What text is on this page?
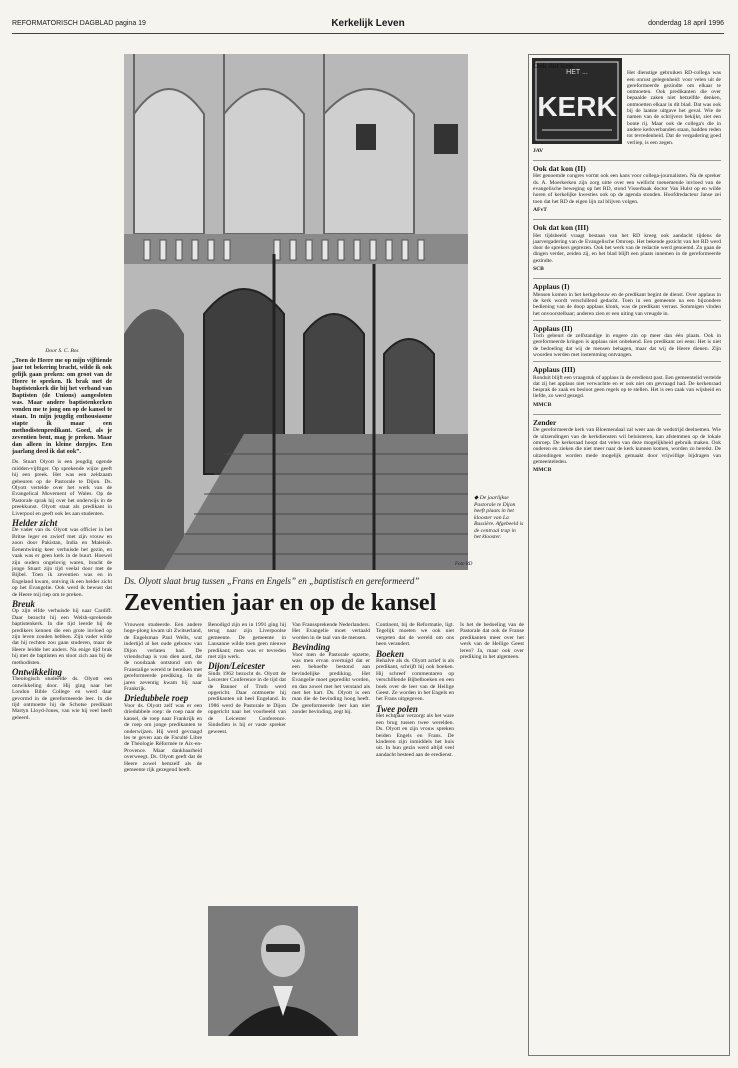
REFORMATORISCH DAGBLAD pagina 19	Kerkelijk Leven	donderdag 18 april 1996
Foto RD
◆ De jaarlijkse Pastorale te Dijon heeft plaats in het klooster van La Bussière. Afgebeeld is de centraal trap in het klooster.
Door S. C. Bos
„Toen de Heere me op mijn vijftiende jaar tot bekering bracht, wilde ik ook gelijk gaan preken: om groot van de Heere te spreken. Ik brak met de baptistenkerk die bij het verband van Baptisten (de Unions) aangesloten was. Maar andere baptistenkerken vonden me te jong om op de kansel te staan. In mijn jeugdig enthousiasme stapte ik maar een methodistenpredikant. Goed, als je zeventien bent, mag je preken. Maar dan alleen in kleine dorpjes. Een jaarlang deed ik dat ook”.

Ds. Stuart Olyott is een jeugdig ogende midden-vijftiger. Op sprekende wijze geeft hij een preek. Het was een zeldzaam gebeuren op de Pastorale te Dijon. Ds. Olyott vertelde over het werk van de Evangelical Movement of Wales. Op de Pastorale sprak hij over het onderwijs in de preekkunst. Olyott staat als predikant in Liverpool en geeft ook les aan studenten.

Helder zicht

De vader van ds. Olyott was officier in het Britse leger en zwierf met zijn vrouw en zoon door Pakistan, India en Maleisië. Eenentwintig keer verhuisde het gezin, en vaak was er geen kerk in de buurt. Hoewel zijn ouders ongelovig waren, bracht de jonge Stuart zijn tijd veelal door met de Bijbel. Toen ik zeventien was en in Engeland kwam, ontving ik een helder zicht op het Evangelie. Ook werd ik bewust dat de Heere mij riep om te preken.

Breuk

Op zijn elfde verhuisde hij naar Cardiff. Daar bezocht hij een Welsh-sprekende baptistenkerk. In die tijd leerde hij de predikers kennen die een grote invloed op zijn leven zouden hebben. Zijn vader wilde dat hij rechten zou gaan studeren, maar de Heere leidde het anders. Na enige tijd brak hij met de baptisten en sloot zich aan bij de methodisten.

Ontwikkeling

Theologisch studeerde ds. Olyott een ontwikkeling door. Hij ging naar het London Bible College en werd daar gevormd in de gereformeerde leer. In die tijd ontmoette hij de Schotse predikant Martyn Lloyd-Jones, van wie hij veel heeft geleerd.

Ds. Olyott slaat brug tussen „Frans en Engels” en „baptistisch en gereformeerd”
Zeventien jaar en op de kansel

Vrouwen studeerde. Een andere hoge-ploeg kwam uit Zwitserland, de Engelsman Paul Wells, wat indertijd al het oude gebouw van Dijon verlaten had. De vriendschap is van dien aard, dat de noodzaak ontstond om de Franstalige wereld te bereiken met gereformeerde prediking. In de jaren zeventig kwam hij naar Frankrijk.

Driedubbele roep

Voor ds. Olyott zelf was er een driedubbele roep: de roep naar de kansel, de roep naar Frankrijk en de roep om jonge predikanten te onderwijzen. Hij werd gevraagd les te geven aan de Faculté Libre de Théologie Réformée te Aix-en-Provence. Maar dankbaarheid overweegt. Ds. Olyott geeft dat de Heere zowel hemzelf als de gemeente rijk gezegend heeft.

Benodigd zijn en in 1991 ging hij terug naar zijn Liverpoolse gemeente. De gemeente in Lausanne wilde toen geen nieuwe predikant; men was er tevreden met zijn werk.

Dijon/Leicester

Sinds 1962 bezocht ds. Olyott de Leicester Conference in de tijd dat de Banner of Truth werd opgericht. Daar ontmoette hij predikanten uit heel Engeland. In 1986 werd de Pastorale te Dijon opgericht naar het voorbeeld van de Leicester Conference. Sindsdien is hij er vaste spreker geweest.

Van Franssprekende Nederlanders. Het Evangelie moet vertaald worden in de taal van de mensen.

Bevinding

Voor men de Pastorale opzette, was men ervan overtuigd dat er een behoefte bestond aan bevindelijke prediking. Het Evangelie moet gepredikt worden, en dan zowel met het verstand als met het hart. Ds. Olyott is een man die de bevinding hoog heeft. De gereformeerde leer kan niet zonder bevinding, zegt hij.

Continent, bij de Reformatie, ligt. Tegelijk moeten we ook niet vergeten dat de wereld om ons heen verandert.

Boeken

Behalve als ds. Olyott actief is als predikant, schrijft hij ook boeken. Hij schreef commentaren op verschillende Bijbelboeken en een boek over de leer van de Heilige Geest. Ze worden in het Engels en het Frans uitgegeven.

Twee polen

Het echtpaar verzorgt als het ware een brug tussen twee werelden. Ds. Olyott en zijn vrouw spreken beiden Engels en Frans. De kinderen zijn inmiddels het huis uit. In hun gezin werd altijd veel aandacht besteed aan de eredienst.

Is het de bedoeling van de Pastorale dat ook de Franse predikanten meer over het werk van de Heilige Geest leren? Ja, maar ook over prediking in het algemeen.

HET ...
KERK
Ook dat kon

Het dienstige gebruiken RD-collega was een onrust gelegenheid: voor velen uit de gereformeerde gezindte om elkaar te ontmoeten. Ook predikanten die over bepaalde zaken niet hetzelfde denken, ontmoetten elkaar in dit blad. Dat was ook bij de laatste uitgave het geval. Wie de namen van de schrijvers bekijkt, ziet een bonte rij. Maar ook de collega's die in andere kerkverbanden staan, hadden reden tot tevredenheid. Dat de vergadering goed verliep, is een zegen.

JAV
Ook dat kon (II)

Het genoemde congres vormt ook een kans voor collega-journalisten. Na de spreker ds. A. Moerkerken zijn zorg uitte over een wellicht toenemende invloed van de evangelische beweging op het RD, stond Visserbaak doctor Van Hulst op en wilde horen of kerkelijke kwesties ook op de agenda stonden. Hoofdredacteur Janse zei toen dat het RD de eigen lijn zal blijven volgen.

AFvT
Ook dat kon (III)

Het tijdsbeeld vraagt bestaan van het RD kreeg ook aandacht tijdens de jaarvergadering van de Evangelische Omroep. Het bekende gezicht van het RD werd door de sprekers geprezen. Ook het werk van de redactie werd genoemd. Zo gaan de dingen verder, zeiden zij, en het blad blijft een plaats innemen in de gereformeerde gezindte.

SCB
Applaus (I)

Mensen komen in het kerkgebouw en de predikant begint de dienst. Over applaus in de kerk wordt verschillend gedacht. Toen in een gemeente na een bijzondere bediening van de doop applaus klonk, was de predikant verrast. Sommigen vinden het onvoorstelbaar; anderen zien er een uiting van vreugde in.

Applaus (II)

Toch gebeurt de zelfstandige in engere zin op meer dan één plaats. Ook in gereformeerde kringen is applaus niet onbekend. Een predikant zei eens: Het is niet de bedoeling dat wij de mensen behagen, maar dat wij de Heere dienen. Zijn woorden werden met instemming ontvangen.

Applaus (III)

Ronduit blijft een vraagstuk of applaus in de eredienst past. Een gemeentelid vertelde dat zij het applaus niet verwachtte en er ook niet om gevraagd had. De kerkenraad besprak de zaak en besloot geen regels op te stellen. Het is een zaak van wijsheid en liefde, zo werd gezegd.

MMCB
Zender

De gereformeerde kerk van Bloemendaal zal weer aan de wedstrijd deelnemen. Wie de uitzendingen van de kerkdiensten wil beluisteren, kan afstemmen op de lokale omroep. De kerkeraad hoopt dat velen van deze mogelijkheid gebruik maken. Ook ouderen en zieken die niet meer naar de kerk kunnen komen, worden zo bereikt. De uitzendingen worden mede mogelijk gemaakt door vrijwillige bijdragen van gemeenteleden.

MMCB
